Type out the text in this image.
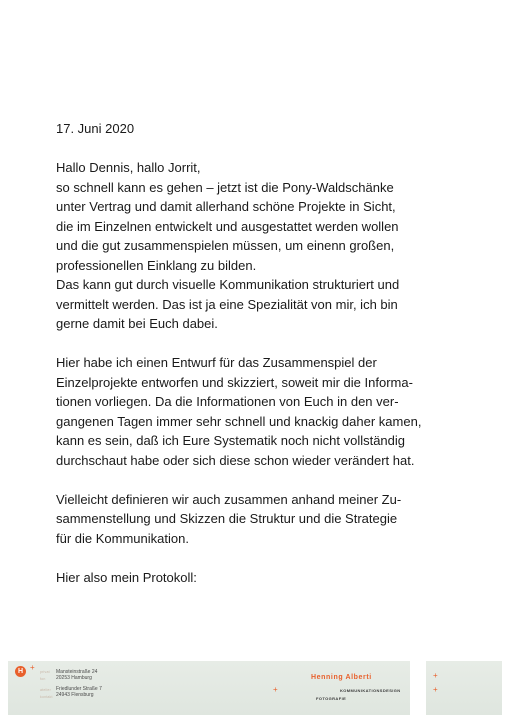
17. Juni 2020

Hallo Dennis, hallo Jorrit,

so schnell kann es gehen – jetzt ist die Pony-Waldschänke

unter Vertrag und damit allerhand schöne Projekte in Sicht,

die im Einzelnen entwickelt und ausgestattet werden wollen

und die gut zusammenspielen müssen, um einenn großen,

professionellen Einklang zu bilden.

Das kann gut durch visuelle Kommunikation strukturiert und

vermittelt werden. Das ist ja eine Spezialität von mir, ich bin

gerne damit bei Euch dabei.

Hier habe ich einen Entwurf für das Zusammenspiel der

Einzelprojekte entworfen und skizziert, soweit mir die Informa-

tionen vorliegen. Da die Informationen von Euch in den ver-

gangenen Tagen immer sehr schnell und knackig daher kamen,

kann es sein, daß ich Eure Systematik noch nicht vollständig

durchschaut habe oder sich diese schon wieder verändert hat.

Vielleicht definieren wir auch zusammen anhand meiner Zu-

sammenstellung und Skizzen die Struktur und die Strategie

für die Kommunikation.

Hier also mein Protokoll:

H + privat
fon
atelier
kontakt
Mansteinstraße 24
20253 Hamburg
Friedlunder Straße 7
24943 Flensburg
+
Henning Alberti
KOMMUNIKATIONSDESIGN
FOTOGRAFIE
+
+
